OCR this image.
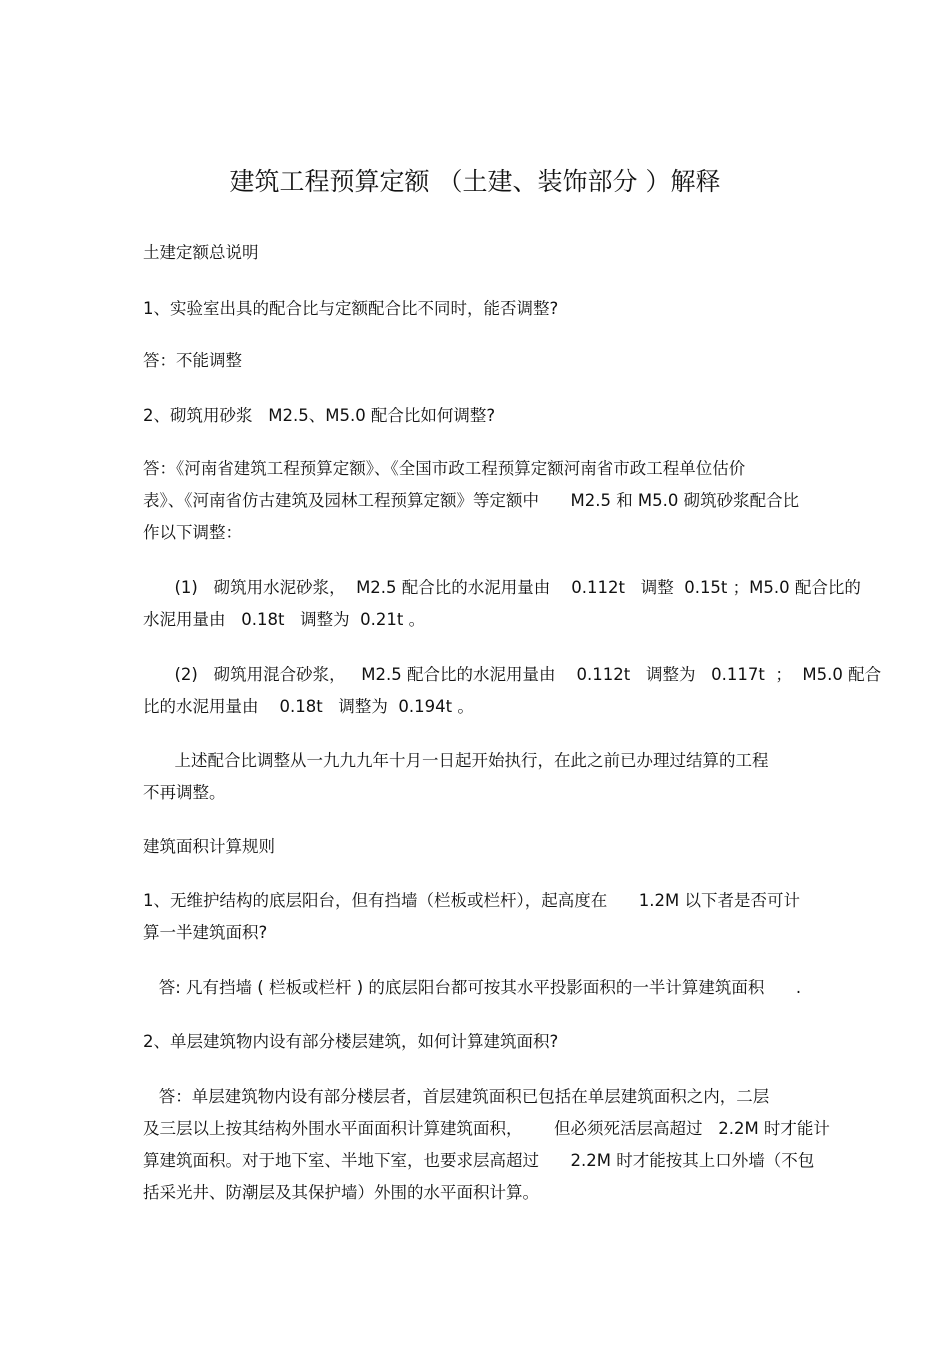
建筑工程预算定额 （土建、装饰部分 ）解释

土建定额总说明

1、实验室出具的配合比与定额配合比不同时，能否调整?

答：不能调整

2、砌筑用砂浆   M2.5、M5.0 配合比如何调整?

答：《河南省建筑工程预算定额》、《全国市政工程预算定额河南省市政工程单位估价

表》、《河南省仿古建筑及园林工程预算定额》等定额中      M2.5 和 M5.0 砌筑砂浆配合比

作以下调整：

(1)   砌筑用水泥砂浆，  M2.5 配合比的水泥用量由    0.112t   调整  0.15t ；M5.0 配合比的

水泥用量由   0.18t   调整为  0.21t 。

(2)   砌筑用混合砂浆，   M2.5 配合比的水泥用量由    0.112t   调整为   0.117t  ；  M5.0 配合

比的水泥用量由    0.18t   调整为  0.194t 。

上述配合比调整从一九九九年十月一日起开始执行，在此之前已办理过结算的工程

不再调整。

建筑面积计算规则

1、无维护结构的底层阳台，但有挡墙（栏板或栏杆），起高度在      1.2M 以下者是否可计

算一半建筑面积?

答: 凡有挡墙 ( 栏板或栏杆 ) 的底层阳台都可按其水平投影面积的一半计算建筑面积      .

2、单层建筑物内设有部分楼层建筑，如何计算建筑面积?

答：单层建筑物内设有部分楼层者，首层建筑面积已包括在单层建筑面积之内，二层

及三层以上按其结构外围水平面面积计算建筑面积，      但必须死活层高超过   2.2M 时才能计

算建筑面积。对于地下室、半地下室，也要求层高超过      2.2M 时才能按其上口外墙（不包

括采光井、防潮层及其保护墙）外围的水平面积计算。
